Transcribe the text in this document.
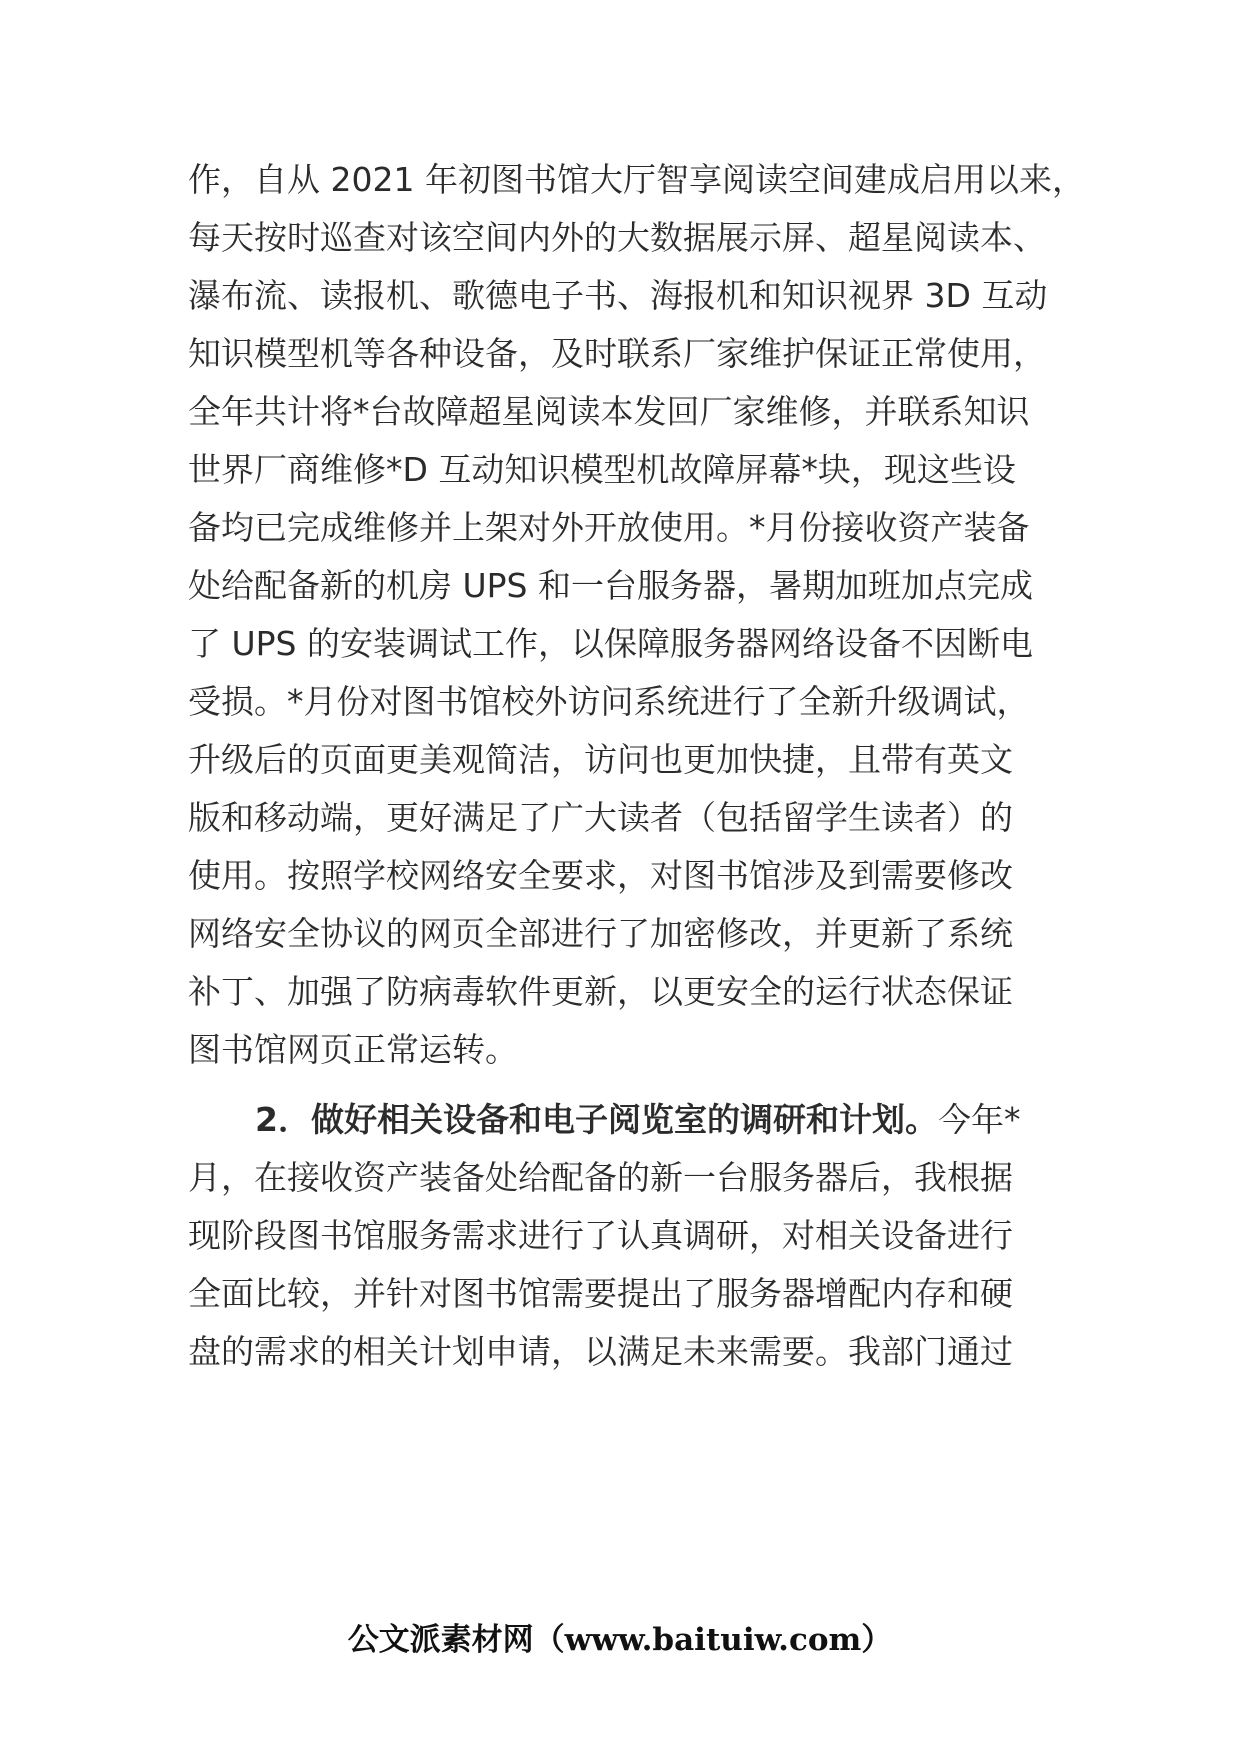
作，自从 2021 年初图书馆大厅智享阅读空间建成启用以来，
每天按时巡查对该空间内外的大数据展示屏、超星阅读本、
瀑布流、读报机、歌德电子书、海报机和知识视界 3D 互动
知识模型机等各种设备，及时联系厂家维护保证正常使用，
全年共计将*台故障超星阅读本发回厂家维修，并联系知识
世界厂商维修*D 互动知识模型机故障屏幕*块，现这些设
备均已完成维修并上架对外开放使用。*月份接收资产装备
处给配备新的机房 UPS 和一台服务器，暑期加班加点完成
了 UPS 的安装调试工作，以保障服务器网络设备不因断电
受损。*月份对图书馆校外访问系统进行了全新升级调试，
升级后的页面更美观简洁，访问也更加快捷，且带有英文
版和移动端，更好满足了广大读者（包括留学生读者）的
使用。按照学校网络安全要求，对图书馆涉及到需要修改
网络安全协议的网页全部进行了加密修改，并更新了系统
补丁、加强了防病毒软件更新，以更安全的运行状态保证
图书馆网页正常运转。
2．做好相关设备和电子阅览室的调研和计划。今年*
月，在接收资产装备处给配备的新一台服务器后，我根据
现阶段图书馆服务需求进行了认真调研，对相关设备进行
全面比较，并针对图书馆需要提出了服务器增配内存和硬
盘的需求的相关计划申请，以满足未来需要。我部门通过
公文派素材网（www.baituiw.com）
